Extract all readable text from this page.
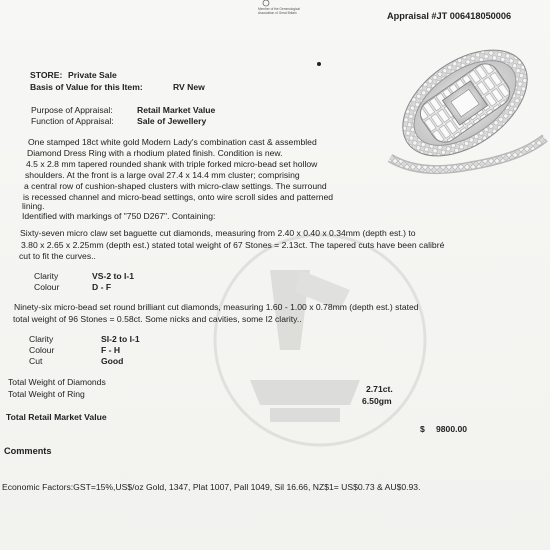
Member of the Gemmological Association of Great Britain	Appraisal #JT 006418050006
STORE: Private Sale
Basis of Value for this Item:	RV New
Purpose of Appraisal:	Retail Market Value
Function of Appraisal:	Sale of Jewellery
One stamped 18ct white gold Modern Lady's combination cast & assembled
Diamond Dress Ring with a rhodium plated finish. Condition is new.
4.5 x 2.8 mm tapered rounded shank with triple forked micro-bead set hollow
shoulders. At the front is a large oval 27.4 x 14.4 mm cluster; comprising
a central row of cushion-shaped clusters with micro-claw settings. The surround
is recessed channel and micro-bead settings, onto wire scroll sides and patterned
lining.
Identified with markings of "750 D267". Containing:
Sixty-seven micro claw set baguette cut diamonds, measuring from 2.40 x 0.40 x 0.34mm (depth est.) to
3.80 x 2.65 x 2.25mm (depth est.) stated total weight of 67 Stones = 2.13ct. The tapered cuts have been calibré
cut to fit the curves..
Clarity	VS-2 to I-1
Colour	D - F
Ninety-six micro-bead set round brilliant cut diamonds, measuring 1.60 - 1.00 x 0.78mm (depth est.) stated
total weight of 96 Stones = 0.58ct. Some nicks and cavities, some I2 clarity..
Clarity	SI-2 to I-1
Colour	F - H
Cut	Good
Total Weight of Diamonds
2.71ct.
Total Weight of Ring
6.50gm
Total Retail Market Value
$ 9800.00
Comments
Economic Factors:GST=15%,US$/oz Gold, 1347, Plat 1007, Pall 1049, Sil 16.66, NZ$1= US$0.73 & AU$0.93.
